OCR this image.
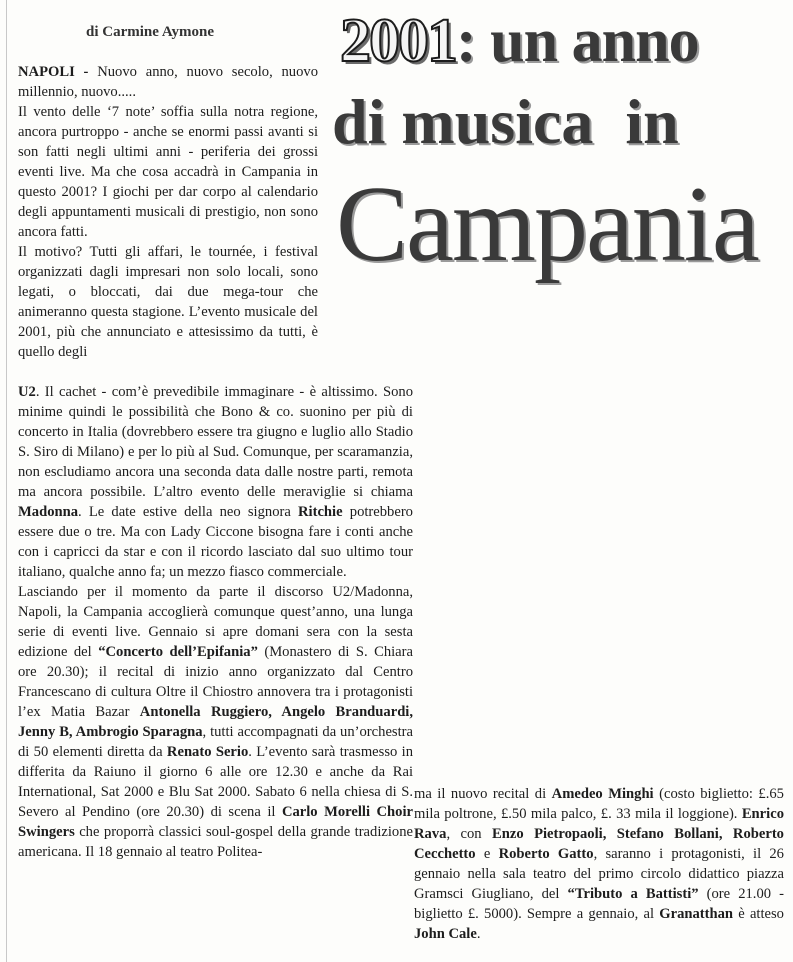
di Carmine Aymone 2001: un anno
di musica  in
Campania

NAPOLI - Nuovo anno, nuovo secolo, nuovo millennio, nuovo.....

Il vento delle ‘7 note’ soffia sulla notra regione, ancora purtroppo - anche se enormi passi avanti si son fatti negli ultimi anni - periferia dei grossi eventi live. Ma che cosa accadrà in Campania in questo 2001? I giochi per dar corpo al calendario degli appuntamenti musicali di prestigio, non sono ancora fatti.

Il motivo? Tutti gli affari, le tournée, i festival organizzati dagli impresari non solo locali, sono legati, o bloccati, dai due mega-tour che animeranno questa stagione. L’evento musicale del 2001, più che annunciato e attesissimo da tutti, è quello degli

U2. Il cachet - com’è prevedibile immaginare - è altissimo. Sono minime quindi le possibilità che Bono & co. suonino per più di concerto in Italia (dovrebbero essere tra giugno e luglio allo Stadio S. Siro di Milano) e per lo più al Sud. Comunque, per scaramanzia, non escludiamo ancora una seconda data dalle nostre parti, remota ma ancora possibile. L’altro evento delle meraviglie si chiama Madonna. Le date estive della neo signora Ritchie potrebbero essere due o tre. Ma con Lady Ciccone bisogna fare i conti anche con i capricci da star e con il ricordo lasciato dal suo ultimo tour italiano, qualche anno fa; un mezzo fiasco commerciale.

Lasciando per il momento da parte il discorso U2/Madonna, Napoli, la Campania accoglierà comunque quest’anno, una lunga serie di eventi live. Gennaio si apre domani sera con la sesta edizione del “Concerto dell’Epifania” (Monastero di S. Chiara ore 20.30); il recital di inizio anno organizzato dal Centro Francescano di cultura Oltre il Chiostro annovera tra i protagonisti l’ex Matia Bazar Antonella Ruggiero, Angelo Branduardi, Jenny B, Ambrogio Sparagna, tutti accompagnati da un’orchestra di 50 elementi diretta da Renato Serio. L’evento sarà trasmesso in differita da Raiuno il giorno 6 alle ore 12.30 e anche da Rai International, Sat 2000 e Blu Sat 2000. Sabato 6 nella chiesa di S. Severo al Pendino (ore 20.30) di scena il Carlo Morelli Choir Swingers che proporrà classici soul-gospel della grande tradizione americana. Il 18 gennaio al teatro Politea-

ma il nuovo recital di Amedeo Minghi (costo biglietto: £.65 mila poltrone, £.50 mila palco, £. 33 mila il loggione). Enrico Rava, con Enzo Pietropaoli, Stefano Bollani, Roberto Cecchetto e Roberto Gatto, saranno i protagonisti, il 26 gennaio nella sala teatro del primo circolo didattico piazza Gramsci Giugliano, del “Tributo a Battisti” (ore 21.00 - biglietto £. 5000). Sempre a gennaio, al Granatthan è atteso John Cale.
